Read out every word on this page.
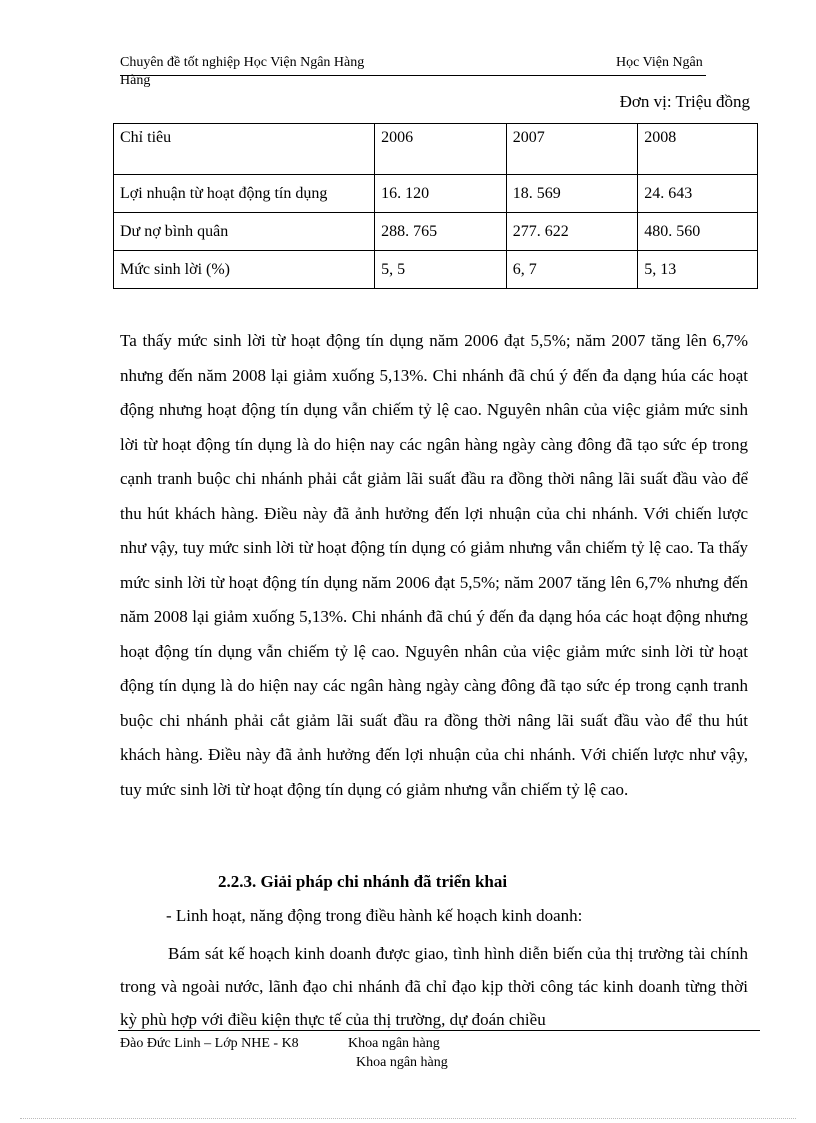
Chuyên đề tốt nghiệp Học Viện Ngân Hàng	Học Viện Ngân
Hàng
Đơn vị: Triệu đồng
Chỉ tiêu	2006	2007	2008
Lợi nhuận từ hoạt động tín dụng	16. 120	18. 569	24. 643
Dư nợ bình quân	288. 765	277. 622	480. 560
Mức sinh lời (%)	5, 5	6, 7	5, 13

Ta thấy mức sinh lời từ hoạt động tín dụng năm 2006 đạt 5,5%; năm 2007 tăng lên 6,7% nhưng đến năm 2008 lại giảm xuống 5,13%. Chi nhánh đã chú ý đến đa dạng húa các hoạt động nhưng hoạt động tín dụng vẫn chiếm tỷ lệ cao. Nguyên nhân của việc giảm mức sinh lời từ hoạt động tín dụng là do hiện nay các ngân hàng ngày càng đông đã tạo sức ép trong cạnh tranh buộc chi nhánh phải cắt giảm lãi suất đầu ra đồng thời nâng lãi suất đầu vào để thu hút khách hàng. Điều này đã ảnh hưởng đến lợi nhuận của chi nhánh. Với chiến lược như vậy, tuy mức sinh lời từ hoạt động tín dụng có giảm nhưng vẫn chiếm tỷ lệ cao. Ta thấy mức sinh lời từ hoạt động tín dụng năm 2006 đạt 5,5%; năm 2007 tăng lên 6,7% nhưng đến năm 2008 lại giảm xuống 5,13%. Chi nhánh đã chú ý đến đa dạng hóa các hoạt động nhưng hoạt động tín dụng vẫn chiếm tỷ lệ cao. Nguyên nhân của việc giảm mức sinh lời từ hoạt động tín dụng là do hiện nay các ngân hàng ngày càng đông đã tạo sức ép trong cạnh tranh buộc chi nhánh phải cắt giảm lãi suất đầu ra đồng thời nâng lãi suất đầu vào để thu hút khách hàng. Điều này đã ảnh hưởng đến lợi nhuận của chi nhánh. Với chiến lược như vậy, tuy mức sinh lời từ hoạt động tín dụng có giảm nhưng vẫn chiếm tỷ lệ cao.

2.2.3. Giải pháp chi nhánh đã triển khai
- Linh hoạt, năng động trong điều hành kế hoạch kinh doanh:

Bám sát kế hoạch kinh doanh được giao, tình hình diễn biến của thị trường tài chính trong và ngoài nước, lãnh đạo chi nhánh đã chỉ đạo kịp thời công tác kinh doanh từng thời kỳ phù hợp với điều kiện thực tế của thị trường, dự đoán chiều

Đào Đức Linh – Lớp NHE - K8	Khoa ngân hàng
Khoa ngân hàng
